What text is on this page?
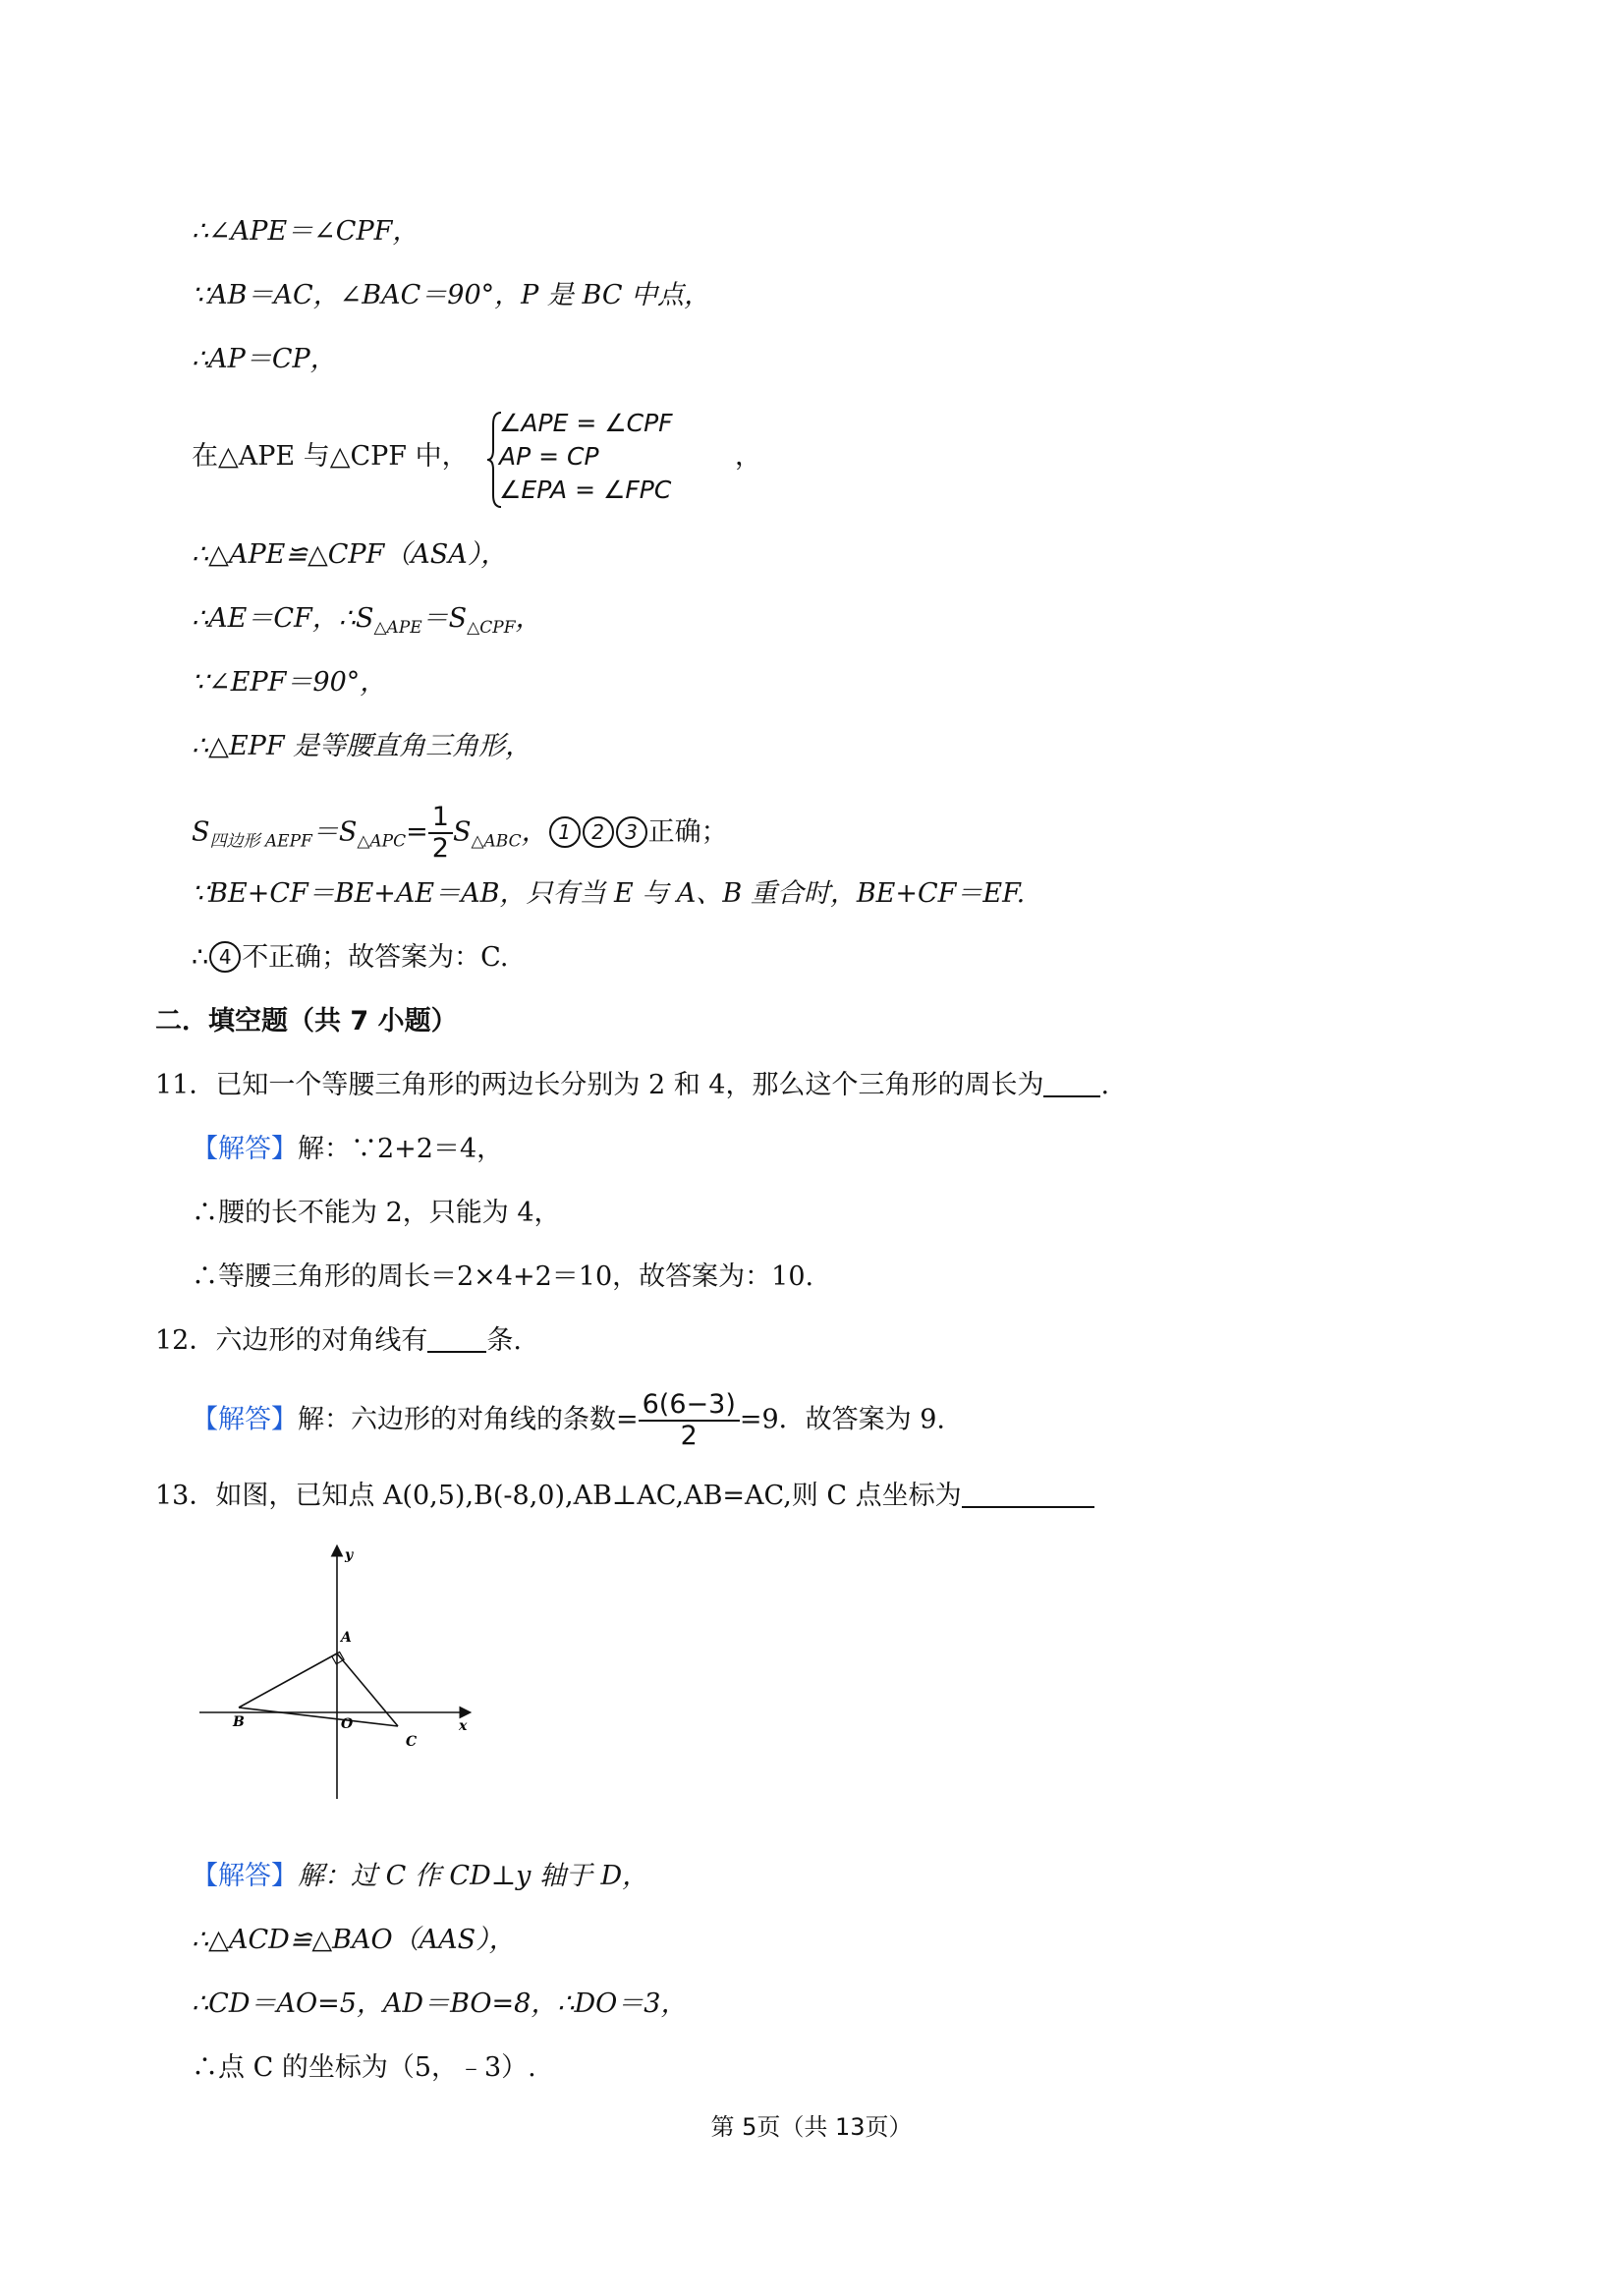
∴∠APE＝∠CPF，
∵AB＝AC，∠BAC＝90°，P 是 BC 中点，
∴AP＝CP，
在△APE 与△CPF 中，
∠APE = ∠CPF
AP = CP
∠EPA = ∠FPC
，
∴△APE≌△CPF（ASA），
∴AE＝CF，$\therefore S_{\triangle APE}=S_{\triangle CPF}$，
∵∠EPF＝90°，
∴△EPF 是等腰直角三角形，
$S_{四边形 AEPF}=S_{\triangle APC}= \frac{1}{2} S_{\triangle ABC}$， 1 2 3 正确；
∵BE+CF＝BE+AE＝AB，只有当 E 与 A、B 重合时，BE+CF＝EF.
∴ 4 不正确；故答案为：C.
二．填空题（共 7 小题）
11．已知一个等腰三角形的两边长分别为 2 和 4，那么这个三角形的周长为 .
【解答】解：∵2+2＝4，
∴腰的长不能为 2，只能为 4，
∴等腰三角形的周长＝2×4+2＝10，故答案为：10.
12．六边形的对角线有 条.
【解答】解：六边形的对角线的条数= $\frac{6(6-3)}{2} =9$．故答案为 9.
13．如图，已知点 A(0,5),B(-8,0),AB⊥AC,AB=AC,则 C 点坐标为
y
x
A
B	O
C
【解答】解：过 C 作 CD⊥y 轴于 D，
∴△ACD≌△BAO（AAS），
∴CD＝AO=5，AD＝BO=8，∴DO＝3，
∴点 C 的坐标为（5，﹣3）.
第 5页（共 13页）
